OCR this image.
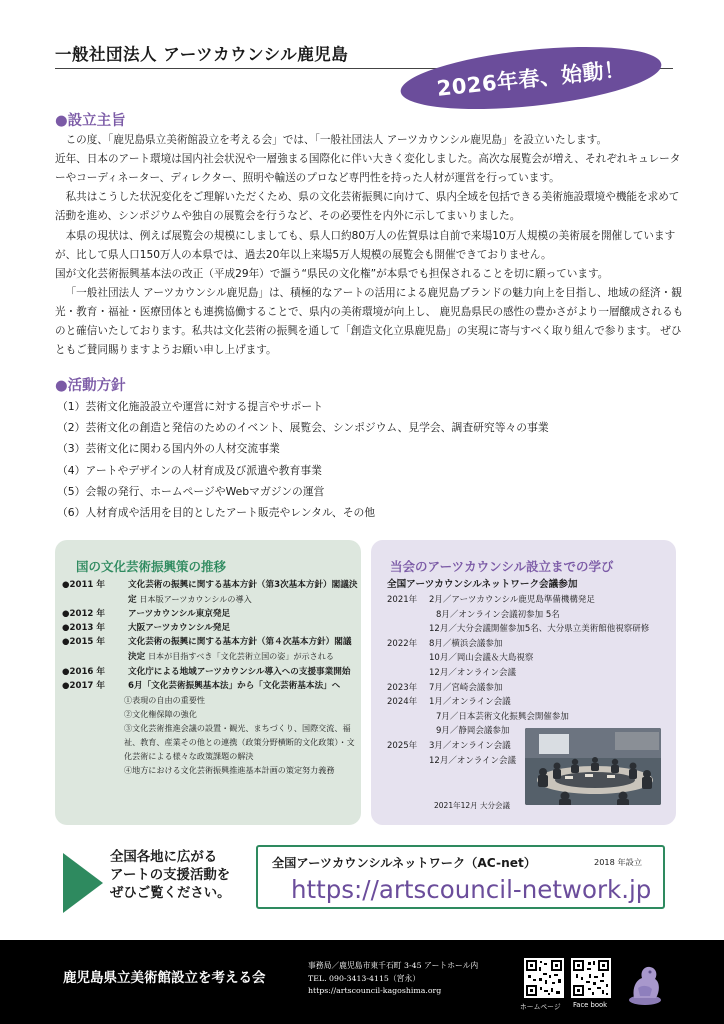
一般社団法人 アーツカウンシル鹿児島
2026年春、始動！
●設立主旨

この度、「鹿児島県立美術館設立を考える会」では、「一般社団法人 アーツカウンシル鹿児島」を設立いたします。

近年、日本のアート環境は国内社会状況や一層強まる国際化に伴い大きく変化しました。高次な展覧会が増え、それぞれキュレーターやコーディネーター、ディレクター、照明や輸送のプロなど専門性を持った人材が運営を行っています。

私共はこうした状況変化をご理解いただくため、県の文化芸術振興に向けて、県内全域を包括できる美術施設環境や機能を求めて活動を進め、シンポジウムや独自の展覧会を行うなど、その必要性を内外に示してまいりました。

本県の現状は、例えば展覧会の規模にしましても、県人口約80万人の佐賀県は自前で来場10万人規模の美術展を開催していますが、比して県人口150万人の本県では、過去20年以上来場5万人規模の展覧会も開催できておりません。

国が文化芸術振興基本法の改正（平成29年）で謳う“県民の文化権”が本県でも担保されることを切に願っています。

「一般社団法人 アーツカウンシル鹿児島」は、積極的なアートの活用による鹿児島ブランドの魅力向上を目指し、地域の経済・観光・教育・福祉・医療団体とも連携協働することで、県内の美術環境が向上し、 鹿児島県民の感性の豊かさがより一層醸成されるものと確信いたしております。私共は文化芸術の振興を通して「創造文化立県鹿児島」の実現に寄与すべく取り組んで参ります。 ぜひともご賛同賜りますようお願い申し上げます。

●活動方針
（1）芸術文化施設設立や運営に対する提言やサポート
（2）芸術文化の創造と発信のためのイベント、展覧会、シンポジウム、見学会、調査研究等々の事業
（3）芸術文化に関わる国内外の人材交流事業
（4）アートやデザインの人材育成及び派遣や教育事業
（5）会報の発行、ホームページやWebマガジンの運営
（6）人材育成や活用を目的としたアート販売やレンタル、その他
国の文化芸術振興策の推移
●2011 年	文化芸術の振興に関する基本方針（第3次基本方針）閣議決定 日本版アーツカウンシルの導入
●2012 年	アーツカウンシル東京発足
●2013 年	大阪アーツカウンシル発足
●2015 年	文化芸術の振興に関する基本方針（第４次基本方針）閣議決定 日本が目指すべき「文化芸術立国の姿」が示される
●2016 年	文化庁による地域アーツカウンシル導入への支援事業開始
●2017 年	6月「文化芸術振興基本法」から「文化芸術基本法」へ
①表現の自由の重要性
②文化権保障の強化
③文化芸術推進会議の設置・観光、まちづくり、国際交流、福祉、教育、産業その他との連携（政策分野横断的文化政策）・文化芸術による様々な政策課題の解決
④地方における文化芸術振興推進基本計画の策定努力義務
当会のアーツカウンシル設立までの学び
全国アーツカウンシルネットワーク会議参加
2021年	2月／アーツカウンシル鹿児島準備機構発足
8月／オンライン会議初参加 5名
12月／大分会議開催参加5名、大分県立美術館他視察研修
2022年	8月／横浜会議参加
10月／岡山会議＆大島視察
12月／オンライン会議
2023年	7月／宮崎会議参加
2024年	1月／オンライン会議
7月／日本芸術文化振興会開催参加
9月／静岡会議参加
2025年	3月／オンライン会議
12月／オンライン会議
2021年12月 大分会議
全国各地に広がる
アートの支援活動を
ぜひご覧ください。
全国アーツカウンシルネットワーク（AC-net）	2018 年設立
https://artscouncil-network.jp
鹿児島県立美術館設立を考える会
事務局／鹿児島市東千石町 3-45 アートホール内
TEL. 090-3413-4115（宮永）
https://artscouncil-kagoshima.org
ホームページ Face book
